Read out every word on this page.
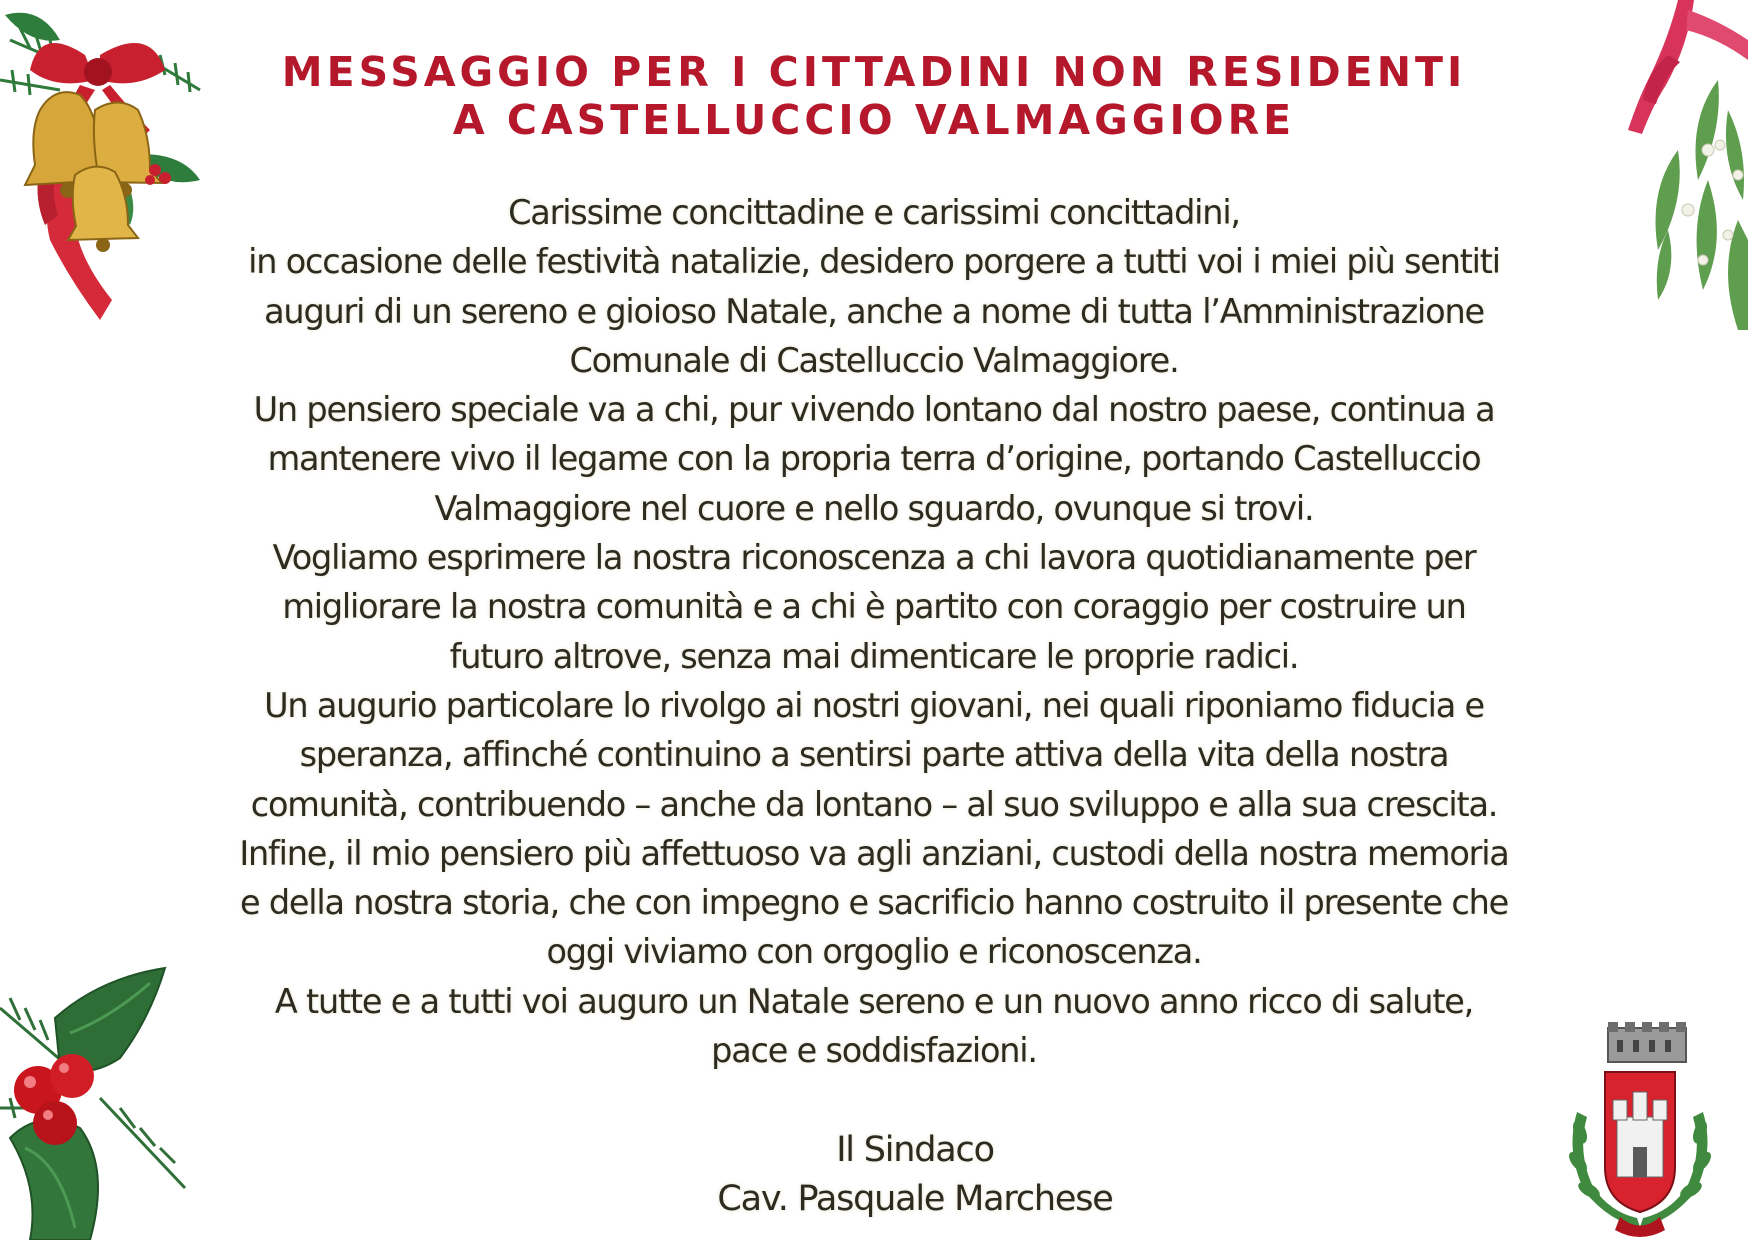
MESSAGGIO PER I CITTADINI NON RESIDENTI
A CASTELLUCCIO VALMAGGIORE
Carissime concittadine e carissimi concittadini,
in occasione delle festività natalizie, desidero porgere a tutti voi i miei più sentiti
auguri di un sereno e gioioso Natale, anche a nome di tutta l’Amministrazione
Comunale di Castelluccio Valmaggiore.
Un pensiero speciale va a chi, pur vivendo lontano dal nostro paese, continua a
mantenere vivo il legame con la propria terra d’origine, portando Castelluccio
Valmaggiore nel cuore e nello sguardo, ovunque si trovi.
Vogliamo esprimere la nostra riconoscenza a chi lavora quotidianamente per
migliorare la nostra comunità e a chi è partito con coraggio per costruire un
futuro altrove, senza mai dimenticare le proprie radici.
Un augurio particolare lo rivolgo ai nostri giovani, nei quali riponiamo fiducia e
speranza, affinché continuino a sentirsi parte attiva della vita della nostra
comunità, contribuendo – anche da lontano – al suo sviluppo e alla sua crescita.
Infine, il mio pensiero più affettuoso va agli anziani, custodi della nostra memoria
e della nostra storia, che con impegno e sacrificio hanno costruito il presente che
oggi viviamo con orgoglio e riconoscenza.
A tutte e a tutti voi auguro un Natale sereno e un nuovo anno ricco di salute,
pace e soddisfazioni.
Il Sindaco
Cav. Pasquale Marchese
